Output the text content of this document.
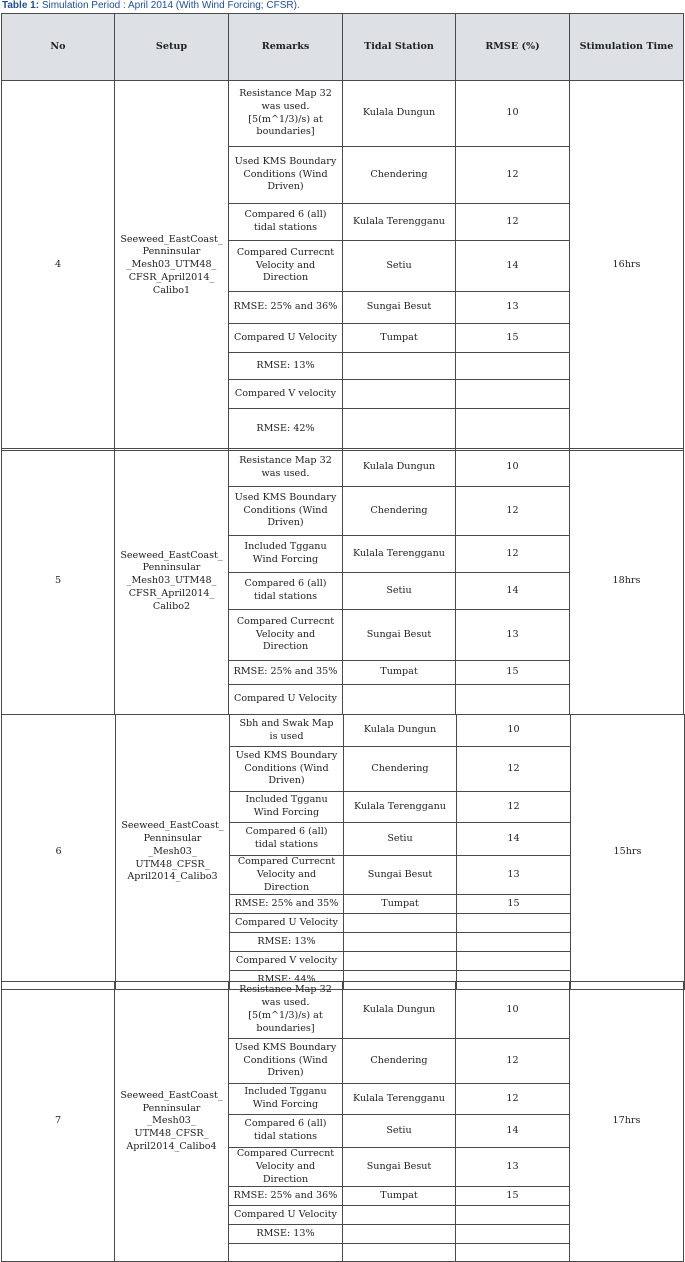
Table 1: Simulation Period : April 2014 (With Wind Forcing; CFSR).
No	Setup	Remarks	Tidal Station	RMSE (%)	Stimulation Time
4	Seeweed_EastCoast_ Penninsular _Mesh03_UTM48_ CFSR_April2014_ Calibo1	Resistance Map 32 was used. [5(m^1/3)/s) at boundaries]	Kulala Dungun	10	16hrs
		Used KMS Boundary Conditions (Wind Driven)	Chendering	12	
		Compared 6 (all) tidal stations	Kulala Terengganu	12	
		Compared Currecnt Velocity and Direction	Setiu	14	
		RMSE: 25% and 36%	Sungai Besut	13	
		Compared U Velocity	Tumpat	15	
		RMSE: 13%			
		Compared V velocity			
		RMSE: 42%			
5	Seeweed_EastCoast_ Penninsular _Mesh03_UTM48_ CFSR_April2014_ Calibo2	Resistance Map 32 was used.	Kulala Dungun	10	18hrs
		Used KMS Boundary Conditions (Wind Driven)	Chendering	12	
		Included Tgganu Wind Forcing	Kulala Terengganu	12	
		Compared 6 (all) tidal stations	Setiu	14	
		Compared Currecnt Velocity and Direction	Sungai Besut	13	
		RMSE: 25% and 35%	Tumpat	15	
		Compared U Velocity			
6	Seeweed_EastCoast_ Penninsular _Mesh03_ UTM48_CFSR_ April2014_Calibo3	Sbh and Swak Map is used	Kulala Dungun	10	15hrs
		Used KMS Boundary Conditions (Wind Driven)	Chendering	12	
		Included Tgganu Wind Forcing	Kulala Terengganu	12	
		Compared 6 (all) tidal stations	Setiu	14	
		Compared Currecnt Velocity and Direction	Sungai Besut	13	
		RMSE: 25% and 35%	Tumpat	15	
		Compared U Velocity			
		RMSE: 13%			
		Compared V velocity			
		RMSE: 44%			
7	Seeweed_EastCoast_ Penninsular _Mesh03_ UTM48_CFSR_ April2014_Calibo4	Resistance Map 32 was used. [5(m^1/3)/s) at boundaries]	Kulala Dungun	10	17hrs
		Used KMS Boundary Conditions (Wind Driven)	Chendering	12	
		Included Tgganu Wind Forcing	Kulala Terengganu	12	
		Compared 6 (all) tidal stations	Setiu	14	
		Compared Currecnt Velocity and Direction	Sungai Besut	13	
		RMSE: 25% and 36%	Tumpat	15	
		Compared U Velocity			
		RMSE: 13%			
